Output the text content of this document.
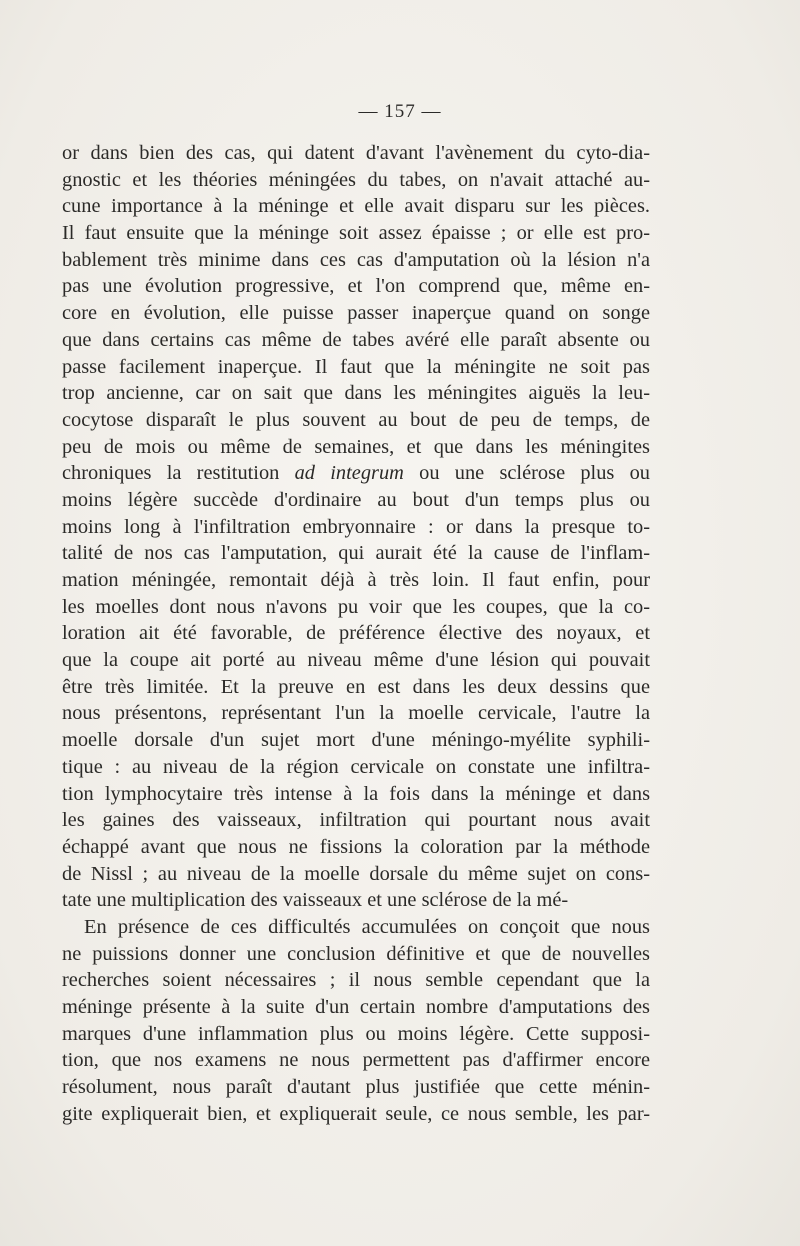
— 157 —
or dans bien des cas, qui datent d'avant l'avènement du cyto-dia-
gnostic et les théories méningées du tabes, on n'avait attaché au-
cune importance à la méninge et elle avait disparu sur les pièces.
Il faut ensuite que la méninge soit assez épaisse ; or elle est pro-
bablement très minime dans ces cas d'amputation où la lésion n'a
pas une évolution progressive, et l'on comprend que, même en-
core en évolution, elle puisse passer inaperçue quand on songe
que dans certains cas même de tabes avéré elle paraît absente ou
passe facilement inaperçue. Il faut que la méningite ne soit pas
trop ancienne, car on sait que dans les méningites aiguës la leu-
cocytose disparaît le plus souvent au bout de peu de temps, de
peu de mois ou même de semaines, et que dans les méningites
chroniques la restitution ad integrum ou une sclérose plus ou
moins légère succède d'ordinaire au bout d'un temps plus ou
moins long à l'infiltration embryonnaire : or dans la presque to-
talité de nos cas l'amputation, qui aurait été la cause de l'inflam-
mation méningée, remontait déjà à très loin. Il faut enfin, pour
les moelles dont nous n'avons pu voir que les coupes, que la co-
loration ait été favorable, de préférence élective des noyaux, et
que la coupe ait porté au niveau même d'une lésion qui pouvait
être très limitée. Et la preuve en est dans les deux dessins que
nous présentons, représentant l'un la moelle cervicale, l'autre la
moelle dorsale d'un sujet mort d'une méningo-myélite syphili-
tique : au niveau de la région cervicale on constate une infiltra-
tion lymphocytaire très intense à la fois dans la méninge et dans
les gaines des vaisseaux, infiltration qui pourtant nous avait
échappé avant que nous ne fissions la coloration par la méthode
de Nissl ; au niveau de la moelle dorsale du même sujet on cons-
tate une multiplication des vaisseaux et une sclérose de la mé-
En présence de ces difficultés accumulées on conçoit que nous
ne puissions donner une conclusion définitive et que de nouvelles
recherches soient nécessaires ; il nous semble cependant que la
méninge présente à la suite d'un certain nombre d'amputations des
marques d'une inflammation plus ou moins légère. Cette supposi-
tion, que nos examens ne nous permettent pas d'affirmer encore
résolument, nous paraît d'autant plus justifiée que cette ménin-
gite expliquerait bien, et expliquerait seule, ce nous semble, les par-
